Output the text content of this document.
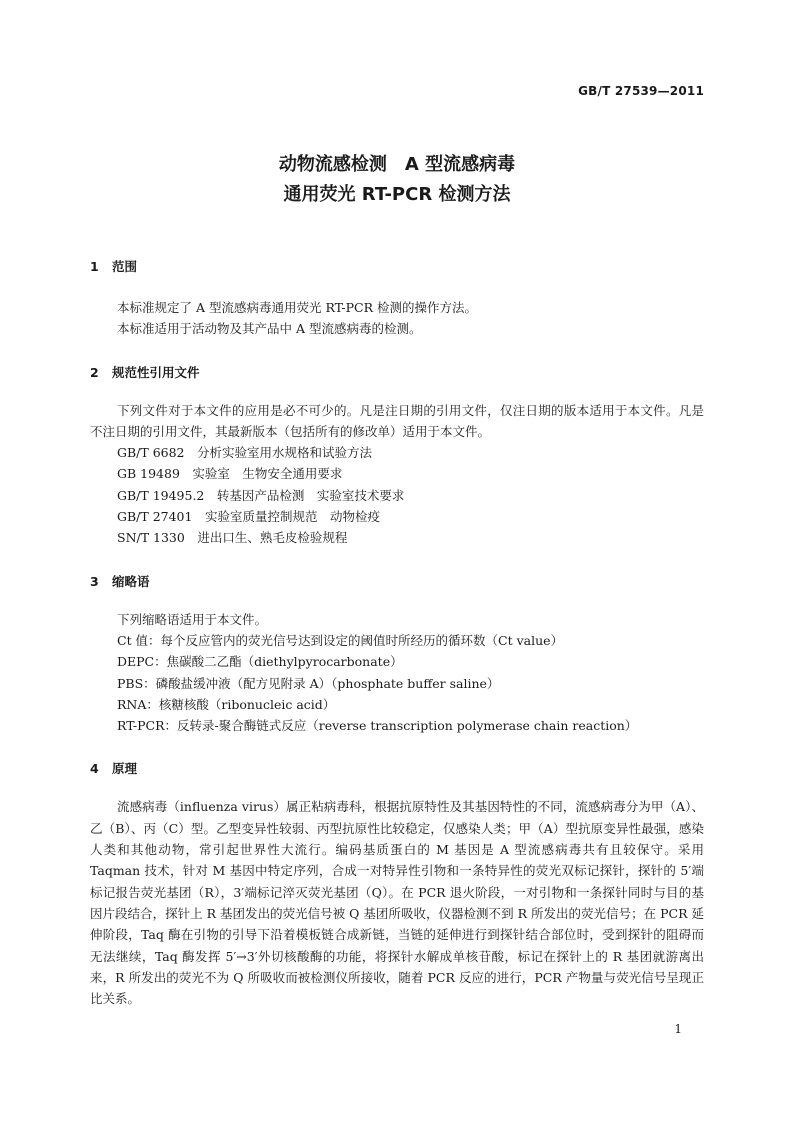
GB/T 27539—2011
动物流感检测　A 型流感病毒
通用荧光 RT-PCR 检测方法
1	范围
本标准规定了 A 型流感病毒通用荧光 RT-PCR 检测的操作方法。
本标准适用于活动物及其产品中 A 型流感病毒的检测。
2	规范性引用文件
下列文件对于本文件的应用是必不可少的。凡是注日期的引用文件，仅注日期的版本适用于本文件。凡是不注日期的引用文件，其最新版本（包括所有的修改单）适用于本文件。
GB/T 6682　分析实验室用水规格和试验方法
GB 19489　实验室　生物安全通用要求
GB/T 19495.2　转基因产品检测　实验室技术要求
GB/T 27401　实验室质量控制规范　动物检疫
SN/T 1330　进出口生、熟毛皮检验规程
3	缩略语
下列缩略语适用于本文件。
Ct 值：每个反应管内的荧光信号达到设定的阈值时所经历的循环数（Ct value）
DEPC：焦碳酸二乙酯（diethylpyrocarbonate）
PBS：磷酸盐缓冲液（配方见附录 A）（phosphate buffer saline）
RNA：核糖核酸（ribonucleic acid）
RT-PCR：反转录-聚合酶链式反应（reverse transcription polymerase chain reaction）
4	原理
流感病毒（influenza virus）属正粘病毒科，根据抗原特性及其基因特性的不同，流感病毒分为甲（A）、乙（B）、丙（C）型。乙型变异性较弱、丙型抗原性比较稳定，仅感染人类；甲（A）型抗原变异性最强，感染人类和其他动物，常引起世界性大流行。编码基质蛋白的 M 基因是 A 型流感病毒共有且较保守。采用 Taqman 技术，针对 M 基因中特定序列，合成一对特异性引物和一条特异性的荧光双标记探针，探针的 5′端标记报告荧光基团（R），3′端标记淬灭荧光基团（Q）。在 PCR 退火阶段，一对引物和一条探针同时与目的基因片段结合，探针上 R 基团发出的荧光信号被 Q 基团所吸收，仪器检测不到 R 所发出的荧光信号；在 PCR 延伸阶段，Taq 酶在引物的引导下沿着模板链合成新链，当链的延伸进行到探针结合部位时，受到探针的阻碍而无法继续，Taq 酶发挥 5′→3′外切核酸酶的功能，将探针水解成单核苷酸，标记在探针上的 R 基团就游离出来，R 所发出的荧光不为 Q 所吸收而被检测仪所接收，随着 PCR 反应的进行，PCR 产物量与荧光信号呈现正比关系。
1
